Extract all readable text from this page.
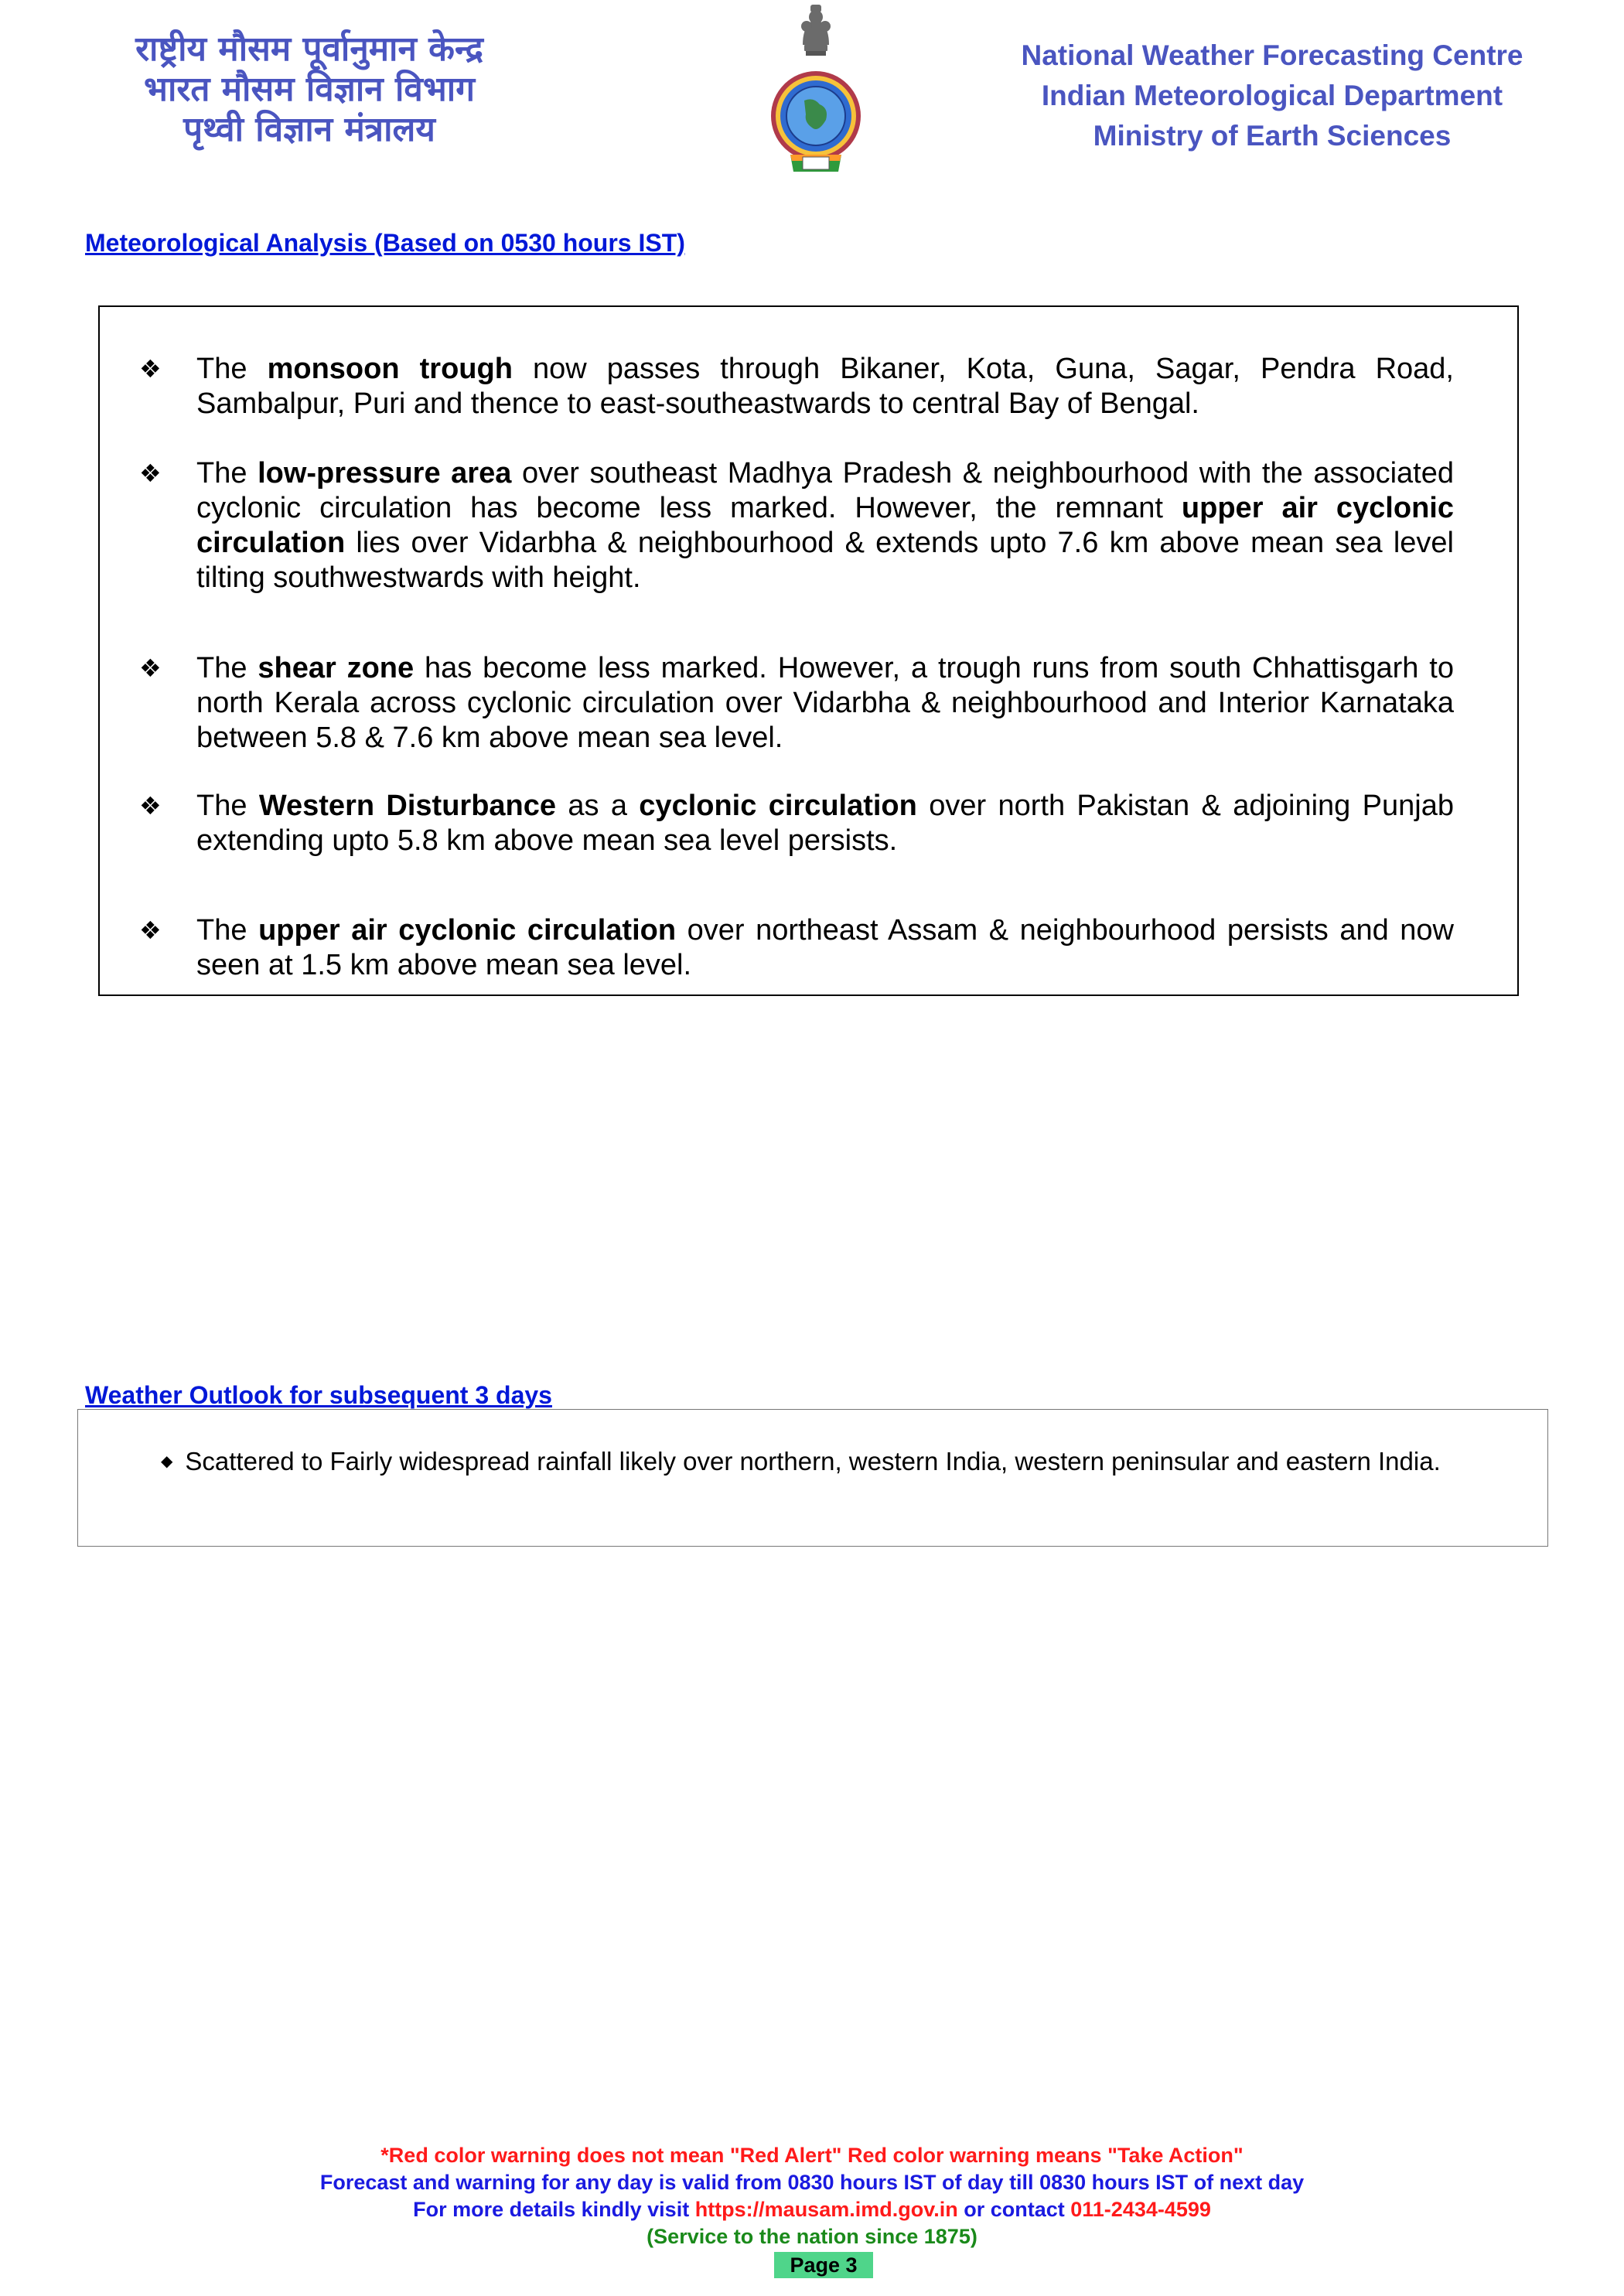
राष्ट्रीय मौसम पूर्वानुमान केन्द्र
भारत मौसम विज्ञान विभाग
पृथ्वी विज्ञान मंत्रालय
National Weather Forecasting Centre
Indian Meteorological Department
Ministry of Earth Sciences
Meteorological Analysis (Based on 0530 hours IST)
❖ The monsoon trough now passes through Bikaner, Kota, Guna, Sagar, Pendra Road, Sambalpur, Puri and thence to east-southeastwards to central Bay of Bengal.
❖ The low-pressure area over southeast Madhya Pradesh & neighbourhood with the associated cyclonic circulation has become less marked. However, the remnant upper air cyclonic circulation lies over Vidarbha & neighbourhood & extends upto 7.6 km above mean sea level tilting southwestwards with height.
❖ The shear zone has become less marked. However, a trough runs from south Chhattisgarh to north Kerala across cyclonic circulation over Vidarbha & neighbourhood and Interior Karnataka between 5.8 & 7.6 km above mean sea level.
❖ The Western Disturbance as a cyclonic circulation over north Pakistan & adjoining Punjab extending upto 5.8 km above mean sea level persists.
❖ The upper air cyclonic circulation over northeast Assam & neighbourhood persists and now seen at 1.5 km above mean sea level.
Weather Outlook for subsequent 3 days
◆ Scattered to Fairly widespread rainfall likely over northern, western India, western peninsular and eastern India.
*Red color warning does not mean "Red Alert" Red color warning means "Take Action"
Forecast and warning for any day is valid from 0830 hours IST of day till 0830 hours IST of next day
For more details kindly visit https://mausam.imd.gov.in or contact 011-2434-4599
(Service to the nation since 1875)
Page 3
